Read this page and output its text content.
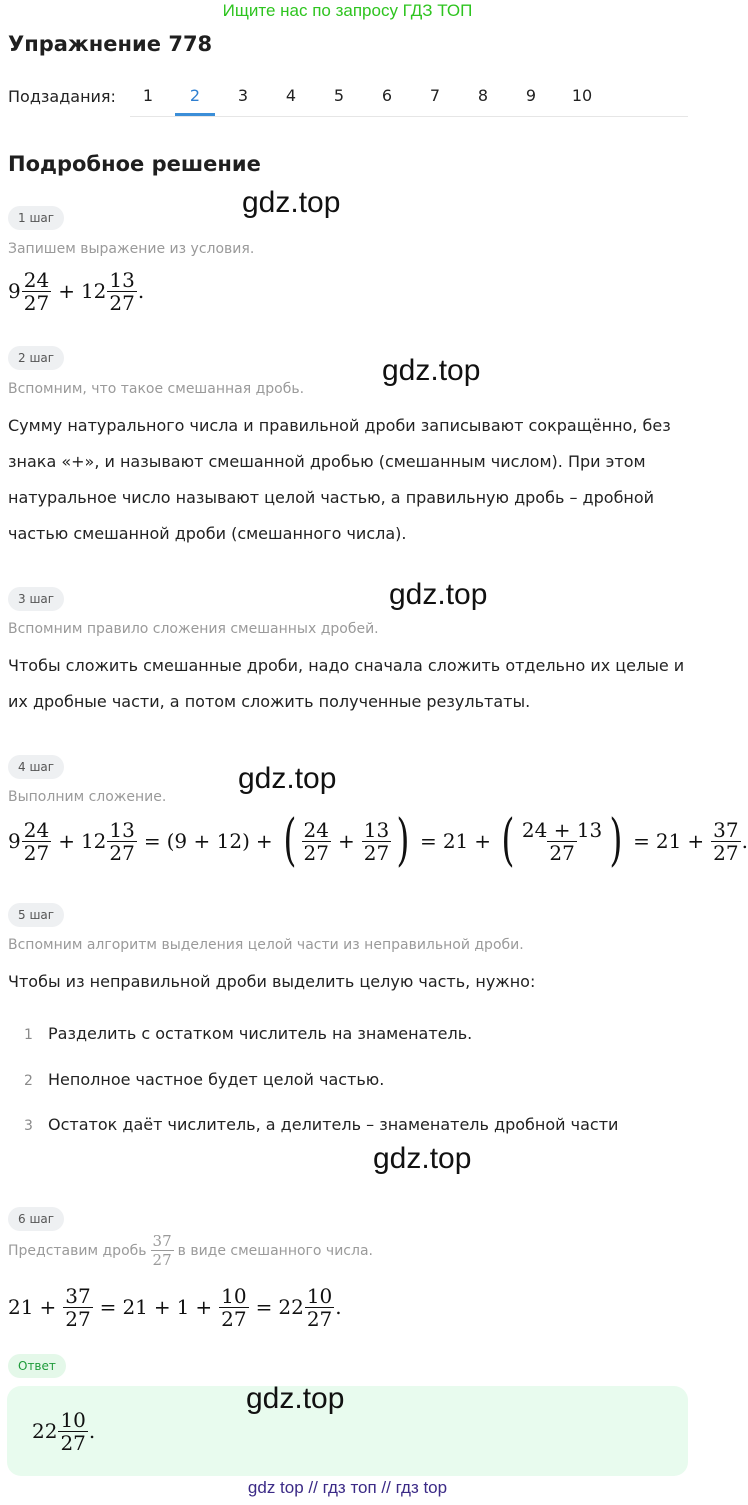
Ищите нас по запросу ГДЗ ТОП
Упражнение 778
Подзадания:	1	2	3	4	5	6	7	8	9	10
Подробное решение
1 шаг	gdz.top
Запишем выражение из условия.
$9 \frac{24}{27} + 12 \frac{13}{27}$ .
2 шаг	gdz.top
Вспомним, что такое смешанная дробь.
Сумму натурального числа и правильной дроби записывают сокращённо, без
знака «+», и называют смешанной дробью (смешанным числом). При этом
натуральное число называют целой частью, а правильную дробь – дробной
частью смешанной дроби (смешанного числа).
3 шаг	gdz.top
Вспомним правило сложения смешанных дробей.
Чтобы сложить смешанные дроби, надо сначала сложить отдельно их целые и
их дробные части, а потом сложить полученные результаты.
4 шаг	gdz.top
Выполним сложение.
$9 \frac{24}{27} + 12 \frac{13}{27} = (9 + 12)$ + ( $\frac{24}{27} + \frac{13}{27}$ ) = 21 + ( $\frac{24 + 13}{27}$ ) = $21 + \frac{37}{27}$ .
5 шаг
Вспомним алгоритм выделения целой части из неправильной дроби.
Чтобы из неправильной дроби выделить целую часть, нужно:
1 Разделить с остатком числитель на знаменатель.
2 Неполное частное будет целой частью.
3 Остаток даёт числитель, а делитель – знаменатель дробной части
gdz.top
6 шаг
Представим дробь $\frac{37}{27}$ в виде смешанного числа.
$21 + \frac{37}{27} = 21 + 1 + \frac{10}{27} = 22 \frac{10}{27}$ .
Ответ
gdz.top
$22 \frac{10}{27}$ .
gdz top // гдз топ // гдз top
